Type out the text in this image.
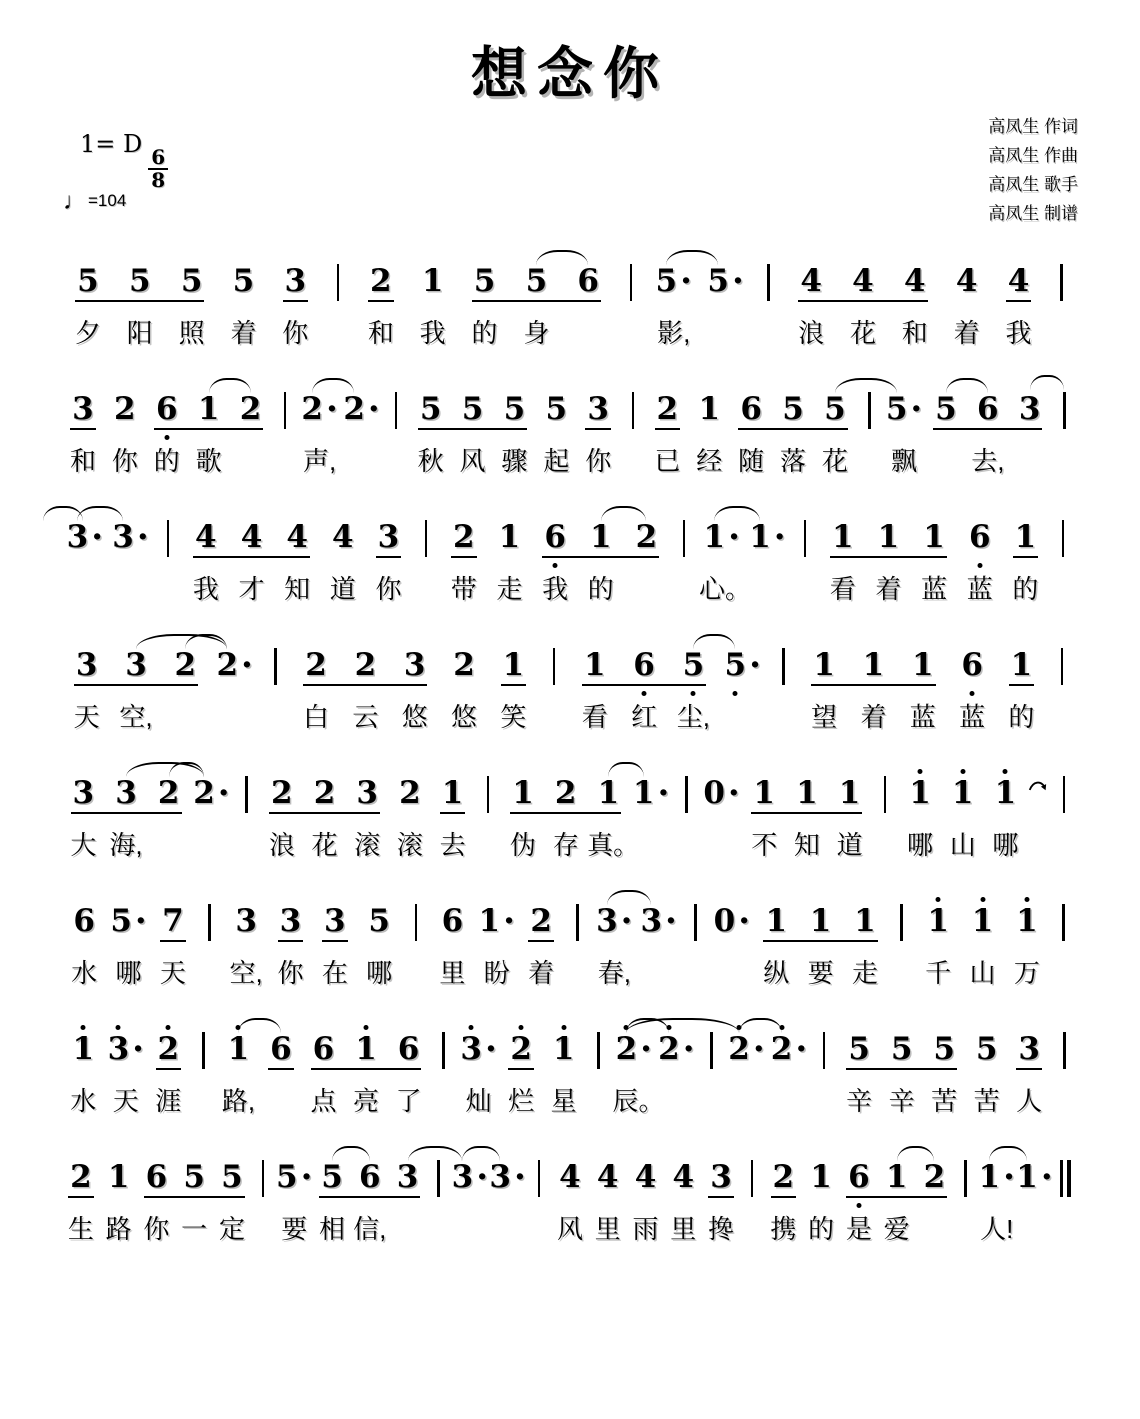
想念你
高凤生 作词
高凤生 作曲
高凤生 歌手
高凤生 制谱
1= D
$\frac{6}{8}$
♩=104
5 5 5 5 3 2 1 5 5 6 5 · 5 · 4 4 4 4 4
夕 阳 照 着 你	和 我 的 身	影,	浪 花 和 着 我
3 2 6 1 2 2 · 2 · 5 5 5 5 3 2 1 6 5 5 5 · 5 6 3
和 你 的 歌	声,	秋 风 骤 起 你	已 经 随 落 花	飘	去,
3 · 3 · 4 4 4 4 3 2 1 6 1 2 1 · 1 · 1 1 1 6 1
我 才 知 道 你	带 走 我 的	心。	看 着 蓝 蓝 的
3 3 2 2 · 2 2 3 2 1 1 6 5 5 · 1 1 1 6 1
天 空,	白 云 悠 悠 笑	看 红 尘,	望 着 蓝 蓝 的
3 3 2 2 · 2 2 3 2 1 1 2 1 1 · 0 · 1 1 1 1 1 1
大 海,	浪 花 滚 滚 去	伪 存 真。	不 知 道	哪 山 哪
6 5 · 7 3 3 3 5 6 1 · 2 3 · 3 · 0 · 1 1 1 1 1 1
水 哪 天	空, 你 在 哪	里 盼 着	春,	纵 要 走	千 山 万
1 3 · 2 1 6 6 1 6 3 · 2 1 2 · 2 · 2 · 2 · 5 5 5 5 3
水 天 涯	路,	点 亮 了	灿 烂 星	辰。	辛 辛 苦 苦 人
2 1 6 5 5 5 · 5 6 3 3 · 3 · 4 4 4 4 3 2 1 6 1 2 1 · 1 ·
生 路 你 一 定 要 相 信,	风 里 雨 里 搀 携 的 是 爱	人!
